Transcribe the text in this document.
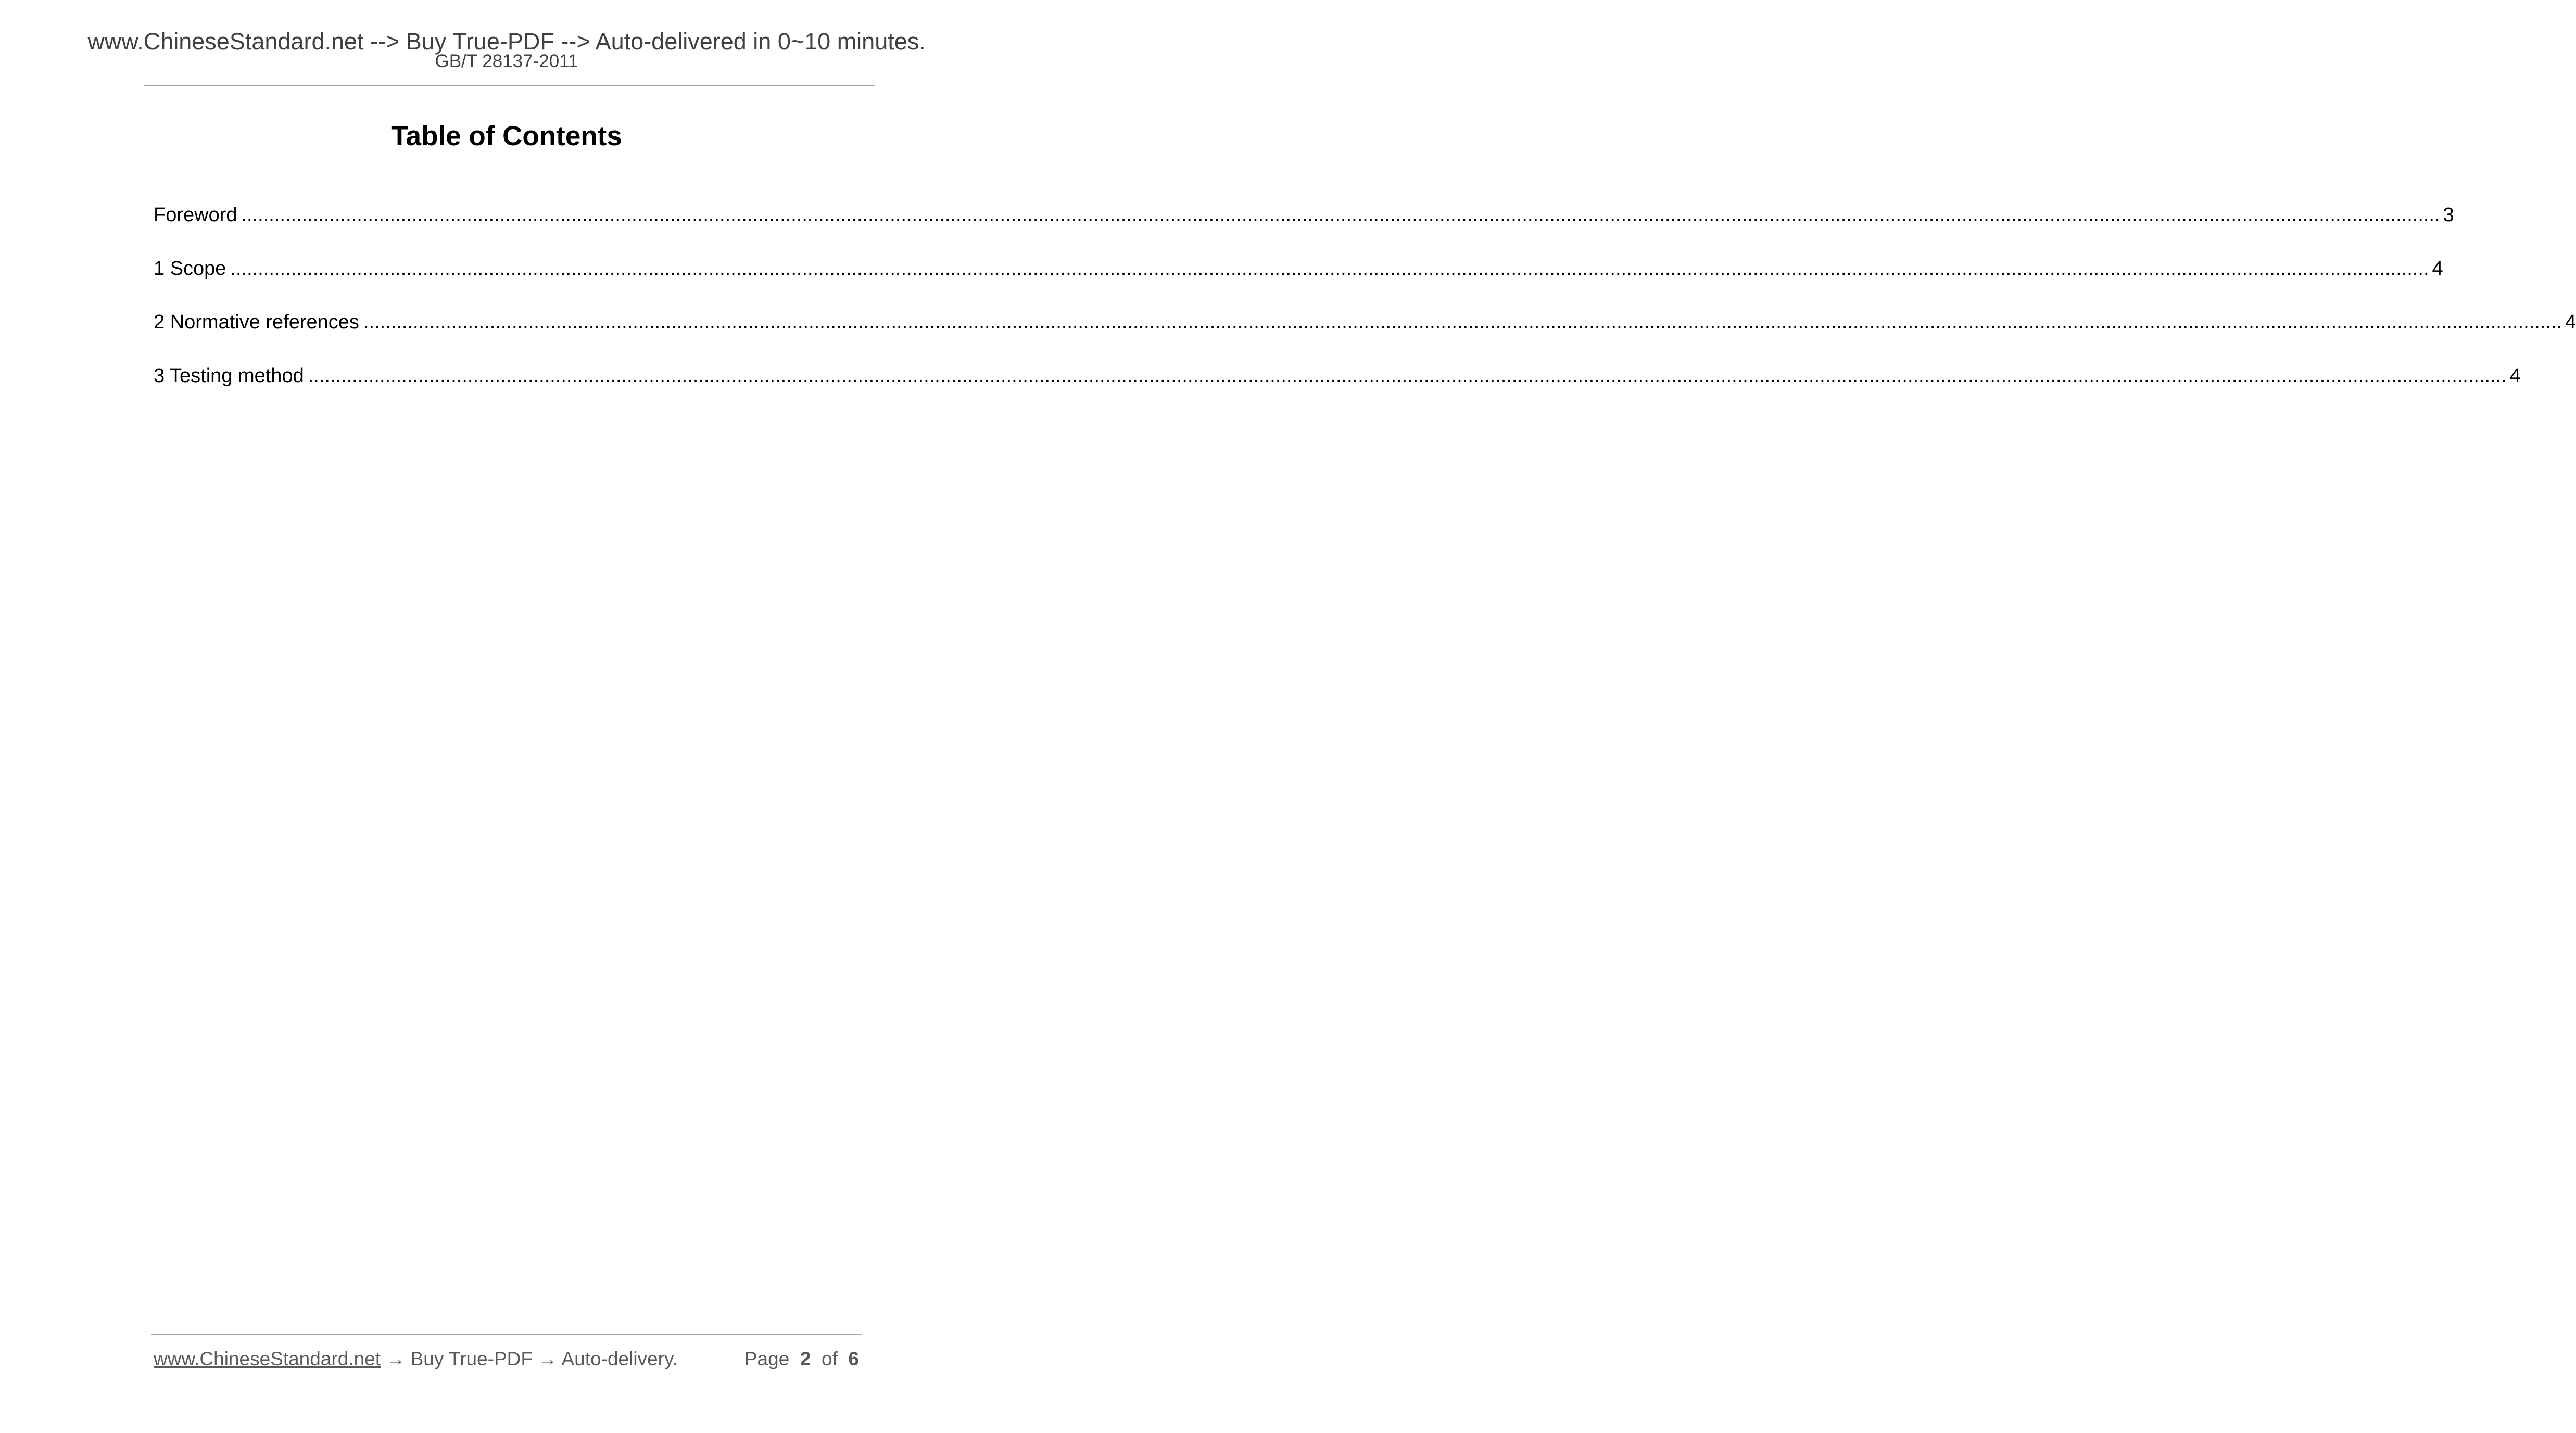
www.ChineseStandard.net --> Buy True-PDF --> Auto-delivered in 0~10 minutes.
GB/T 28137-2011
Table of Contents
Foreword ................................................................................................................................................................................................................................................................................................................................................................................................................ 3
1 Scope ................................................................................................................................................................................................................................................................................................................................................................................................................ 4
2 Normative references ................................................................................................................................................................................................................................................................................................................................................................................................................ 4
3 Testing method ................................................................................................................................................................................................................................................................................................................................................................................................................ 4
www.ChineseStandard.net → Buy True-PDF → Auto-delivery.	Page 2 of 6
